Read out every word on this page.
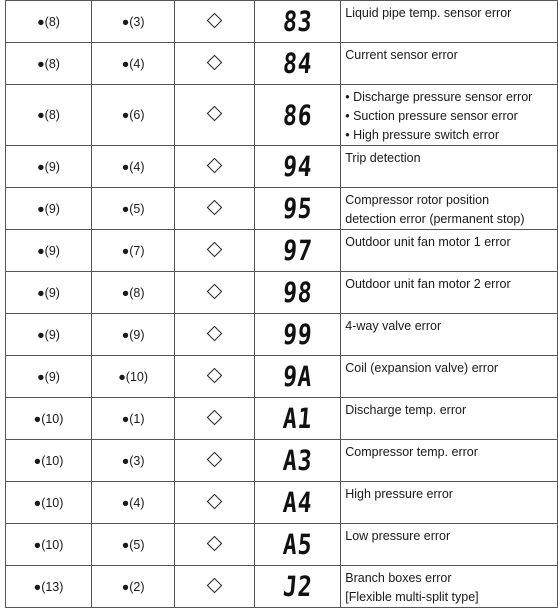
●(8)	●(3)		83	Liquid pipe temp. sensor error

●(8)	●(4)		84	Current sensor error

●(8)	●(6)		86	• Discharge pressure sensor error
• Suction pressure sensor error
• High pressure switch error

●(9)	●(4)		94	Trip detection

●(9)	●(5)		95	Compressor rotor position
detection error (permanent stop)

●(9)	●(7)		97	Outdoor unit fan motor 1 error

●(9)	●(8)		98	Outdoor unit fan motor 2 error

●(9)	●(9)		99	4-way valve error

●(9)	●(10)		9A	Coil (expansion valve) error

●(10)	●(1)		A1	Discharge temp. error

●(10)	●(3)		A3	Compressor temp. error

●(10)	●(4)		A4	High pressure error

●(10)	●(5)		A5	Low pressure error

●(13)	●(2)		J2	Branch boxes error
[Flexible multi-split type]
